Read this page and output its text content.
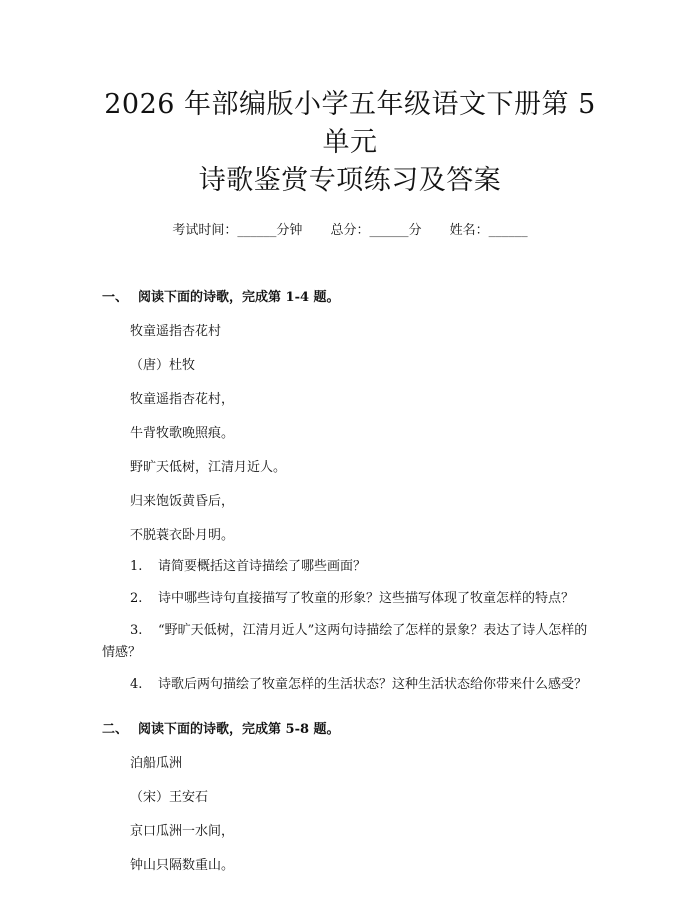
2026 年部编版小学五年级语文下册第 5 单元
诗歌鉴赏专项练习及答案
考试时间：______分钟 总分：______分 姓名：______
一、 阅读下面的诗歌，完成第 1-4 题。
牧童遥指杏花村
（唐）杜牧
牧童遥指杏花村，
牛背牧歌晚照痕。
野旷天低树，江清月近人。
归来饱饭黄昏后，
不脱蓑衣卧月明。
1. 请简要概括这首诗描绘了哪些画面？
2. 诗中哪些诗句直接描写了牧童的形象？这些描写体现了牧童怎样的特点？
3. “野旷天低树，江清月近人”这两句诗描绘了怎样的景象？表达了诗人怎样的情感？
4. 诗歌后两句描绘了牧童怎样的生活状态？这种生活状态给你带来什么感受？
二、 阅读下面的诗歌，完成第 5-8 题。
泊船瓜洲
（宋）王安石
京口瓜洲一水间，
钟山只隔数重山。
